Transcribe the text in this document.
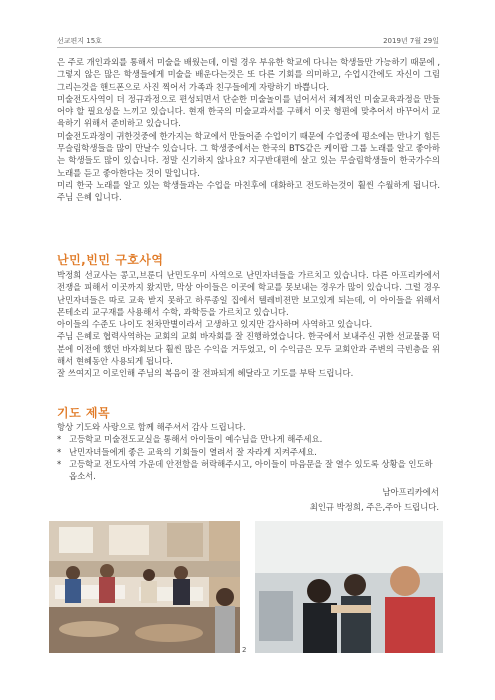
선교편지 15호	2019년 7월 29일

은 주로 개인과외를 통해서 미술을 배웠는데, 이럴 경우 부유한 학교에 다니는 학생들만 가능하기 때문에 , 그렇지 않은 많은 학생들에게 미술을 배운다는것은 또 다른 기회를 의미하고, 수업시간에도 자신이 그림 그리는것을 핸드폰으로 사진 찍어서 가족과 친구들에게 자랑하기 바쁩니다.

미술전도사역이 더 정규과정으로 편성되면서 단순한 미술놀이를 넘어서서 체계적인 미술교육과정을 만들어야 할 필요성을 느끼고 있습니다. 현재 한국의 미술교과서를 구해서 이곳 형편에 맞추어서 바꾸어서 교육하기 위해서 준비하고 있습니다.

미술전도과정이 귀한것중에 한가지는 학교에서 만들어준 수업이기 때문에 수업중에 평소에는 만나기 힘든 무슬림학생들을 많이 만날수 있습니다. 그 학생중에서는 한국의 BTS같은 케이팝 그룹 노래를 알고 좋아하는 학생들도 많이 있습니다. 정말 신기하지 않나요? 지구반대편에 살고 있는 무슬림학생들이 한국가수의 노래를 듣고 좋아한다는 것이 말입니다.

미리 한국 노래를 알고 있는 학생들과는 수업을 마친후에 대화하고 전도하는것이 훨씬 수월하게 됩니다. 주님 은혜 입니다.

난민,빈민 구호사역

박정희 선교사는 콩고,브룬디 난민도우미 사역으로 난민자녀들을 가르치고 있습니다. 다른 아프리카에서 전쟁을 피해서 이곳까지 왔지만, 막상 아이들은 이곳에 학교를 못보내는 경우가 많이 있습니다. 그럴 경우 난민자녀들은 따로 교육 받지 못하고 하루종일 집에서 텔레비젼만 보고있게 되는데, 이 아이들을 위해서 몬테소리 교구재를 사용해서 수학, 과학등을 가르치고 있습니다.

아이들의 수준도 나이도 천차만별이라서 고생하고 있지만 감사하며 사역하고 있습니다.

주님 은혜로 협력사역하는 교회의 교회 바자회를 잘 진행하였습니다. 한국에서 보내주신 귀한 선교물품 덕분에 이전에 했던 바자회보다 훨씬 많은 수익을 거두었고, 이 수익금은 모두 교회안과 주변의 극빈층을 위해서 현혜동안 사용되게 됩니다.

잘 쓰여지고 이로인해 주님의 복음이 잘 전파되게 헤달라고 기도를 부탁 드립니다.

기도 제목
항상 기도와 사랑으로 함께 해주셔서 감사 드립니다.
* 고등학교 미술전도교실을 통해서 아이들이 예수님을 만나게 해주세요.
* 난민자녀들에게 좋은 교육의 기회들이 열려서 잘 자라게 지켜주세요.
* 고등학교 전도사역 가운데 안전함을 허락해주시고, 아이들이 마음문을 잘 열수 있도록 상황을 인도하옵소서.
남아프리카에서
최인규 박정희, 주은,주아 드립니다.
2
